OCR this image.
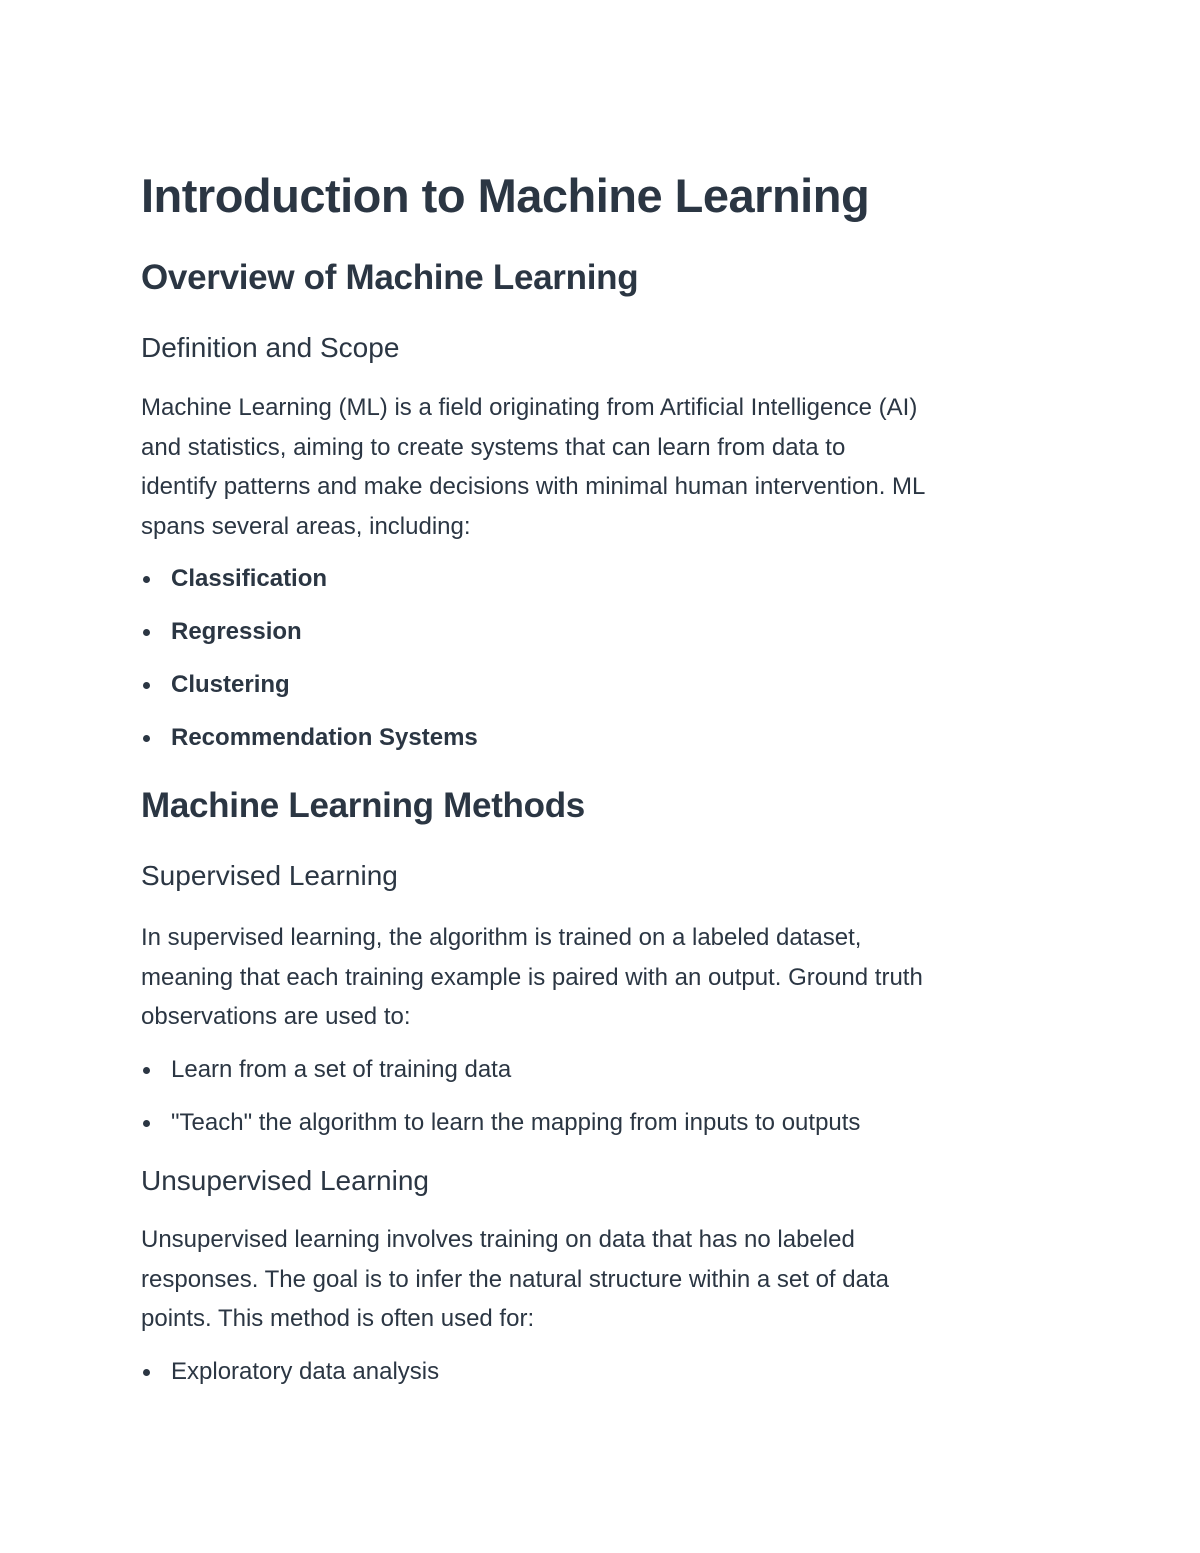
Introduction to Machine Learning
Overview of Machine Learning
Definition and Scope

Machine Learning (ML) is a field originating from Artificial Intelligence (AI)
and statistics, aiming to create systems that can learn from data to
identify patterns and make decisions with minimal human intervention. ML
spans several areas, including:

Classification
Regression
Clustering
Recommendation Systems
Machine Learning Methods
Supervised Learning

In supervised learning, the algorithm is trained on a labeled dataset,
meaning that each training example is paired with an output. Ground truth
observations are used to:

Learn from a set of training data
"Teach" the algorithm to learn the mapping from inputs to outputs
Unsupervised Learning

Unsupervised learning involves training on data that has no labeled
responses. The goal is to infer the natural structure within a set of data
points. This method is often used for:

Exploratory data analysis
